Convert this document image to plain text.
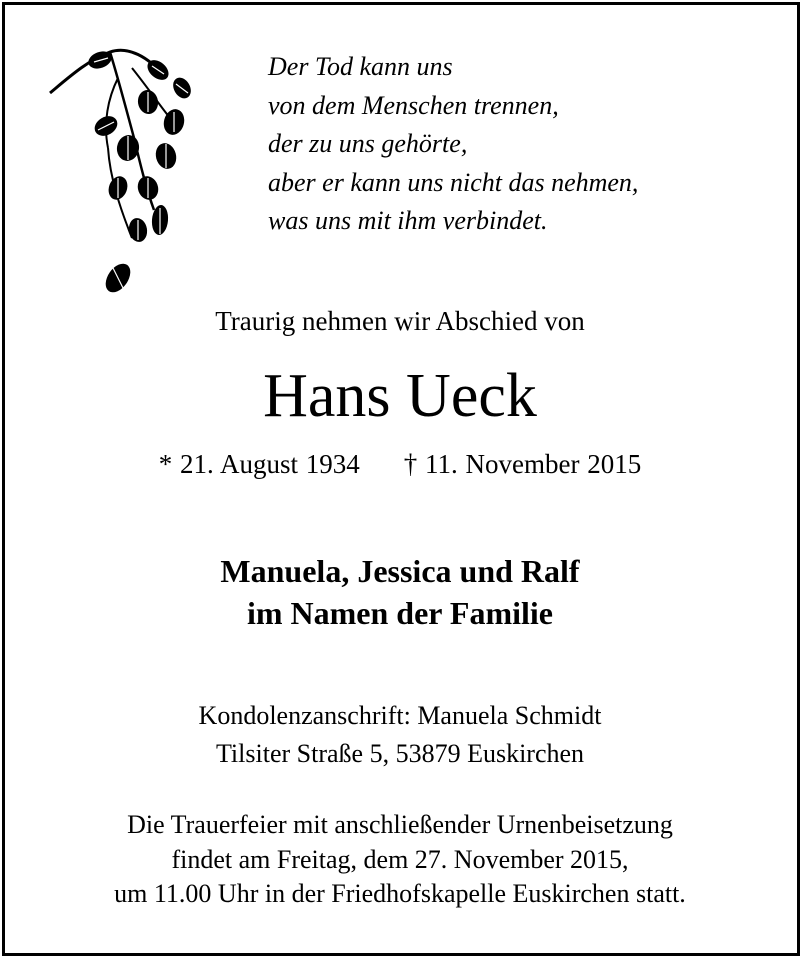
Der Tod kann uns
von dem Menschen trennen,
der zu uns gehörte,
aber er kann uns nicht das nehmen,
was uns mit ihm verbindet.
Traurig nehmen wir Abschied von
Hans Ueck
* 21. August 1934 † 11. November 2015
Manuela, Jessica und Ralf
im Namen der Familie
Kondolenzanschrift: Manuela Schmidt
Tilsiter Straße 5, 53879 Euskirchen
Die Trauerfeier mit anschließender Urnenbeisetzung
findet am Freitag, dem 27. November 2015,
um 11.00 Uhr in der Friedhofskapelle Euskirchen statt.
